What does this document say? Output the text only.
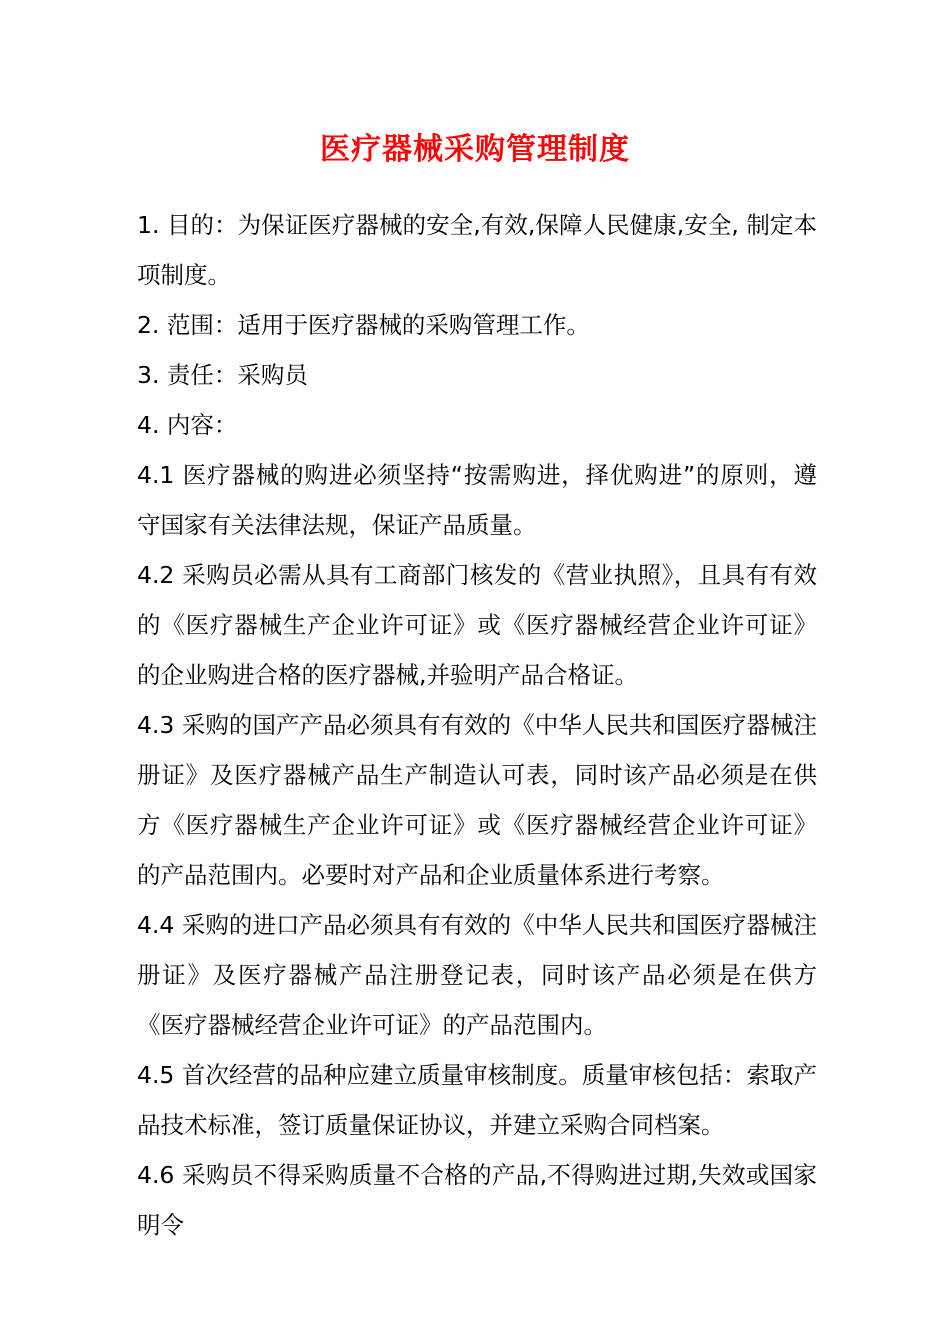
医疗器械采购管理制度

1. 目的：为保证医疗器械的安全,有效,保障人民健康,安全, 制定本项制度。

2. 范围：适用于医疗器械的采购管理工作。

3. 责任：采购员

4. 内容：

4.1 医疗器械的购进必须坚持“按需购进，择优购进”的原则，遵守国家有关法律法规，保证产品质量。

4.2 采购员必需从具有工商部门核发的《营业执照》，且具有有效的《医疗器械生产企业许可证》或《医疗器械经营企业许可证》的企业购进合格的医疗器械,并验明产品合格证。

4.3 采购的国产产品必须具有有效的《中华人民共和国医疗器械注册证》及医疗器械产品生产制造认可表，同时该产品必须是在供方《医疗器械生产企业许可证》或《医疗器械经营企业许可证》的产品范围内。必要时对产品和企业质量体系进行考察。

4.4 采购的进口产品必须具有有效的《中华人民共和国医疗器械注册证》及医疗器械产品注册登记表，同时该产品必须是在供方《医疗器械经营企业许可证》的产品范围内。

4.5 首次经营的品种应建立质量审核制度。质量审核包括：索取产品技术标准，签订质量保证协议，并建立采购合同档案。

4.6 采购员不得采购质量不合格的产品,不得购进过期,失效或国家明令
